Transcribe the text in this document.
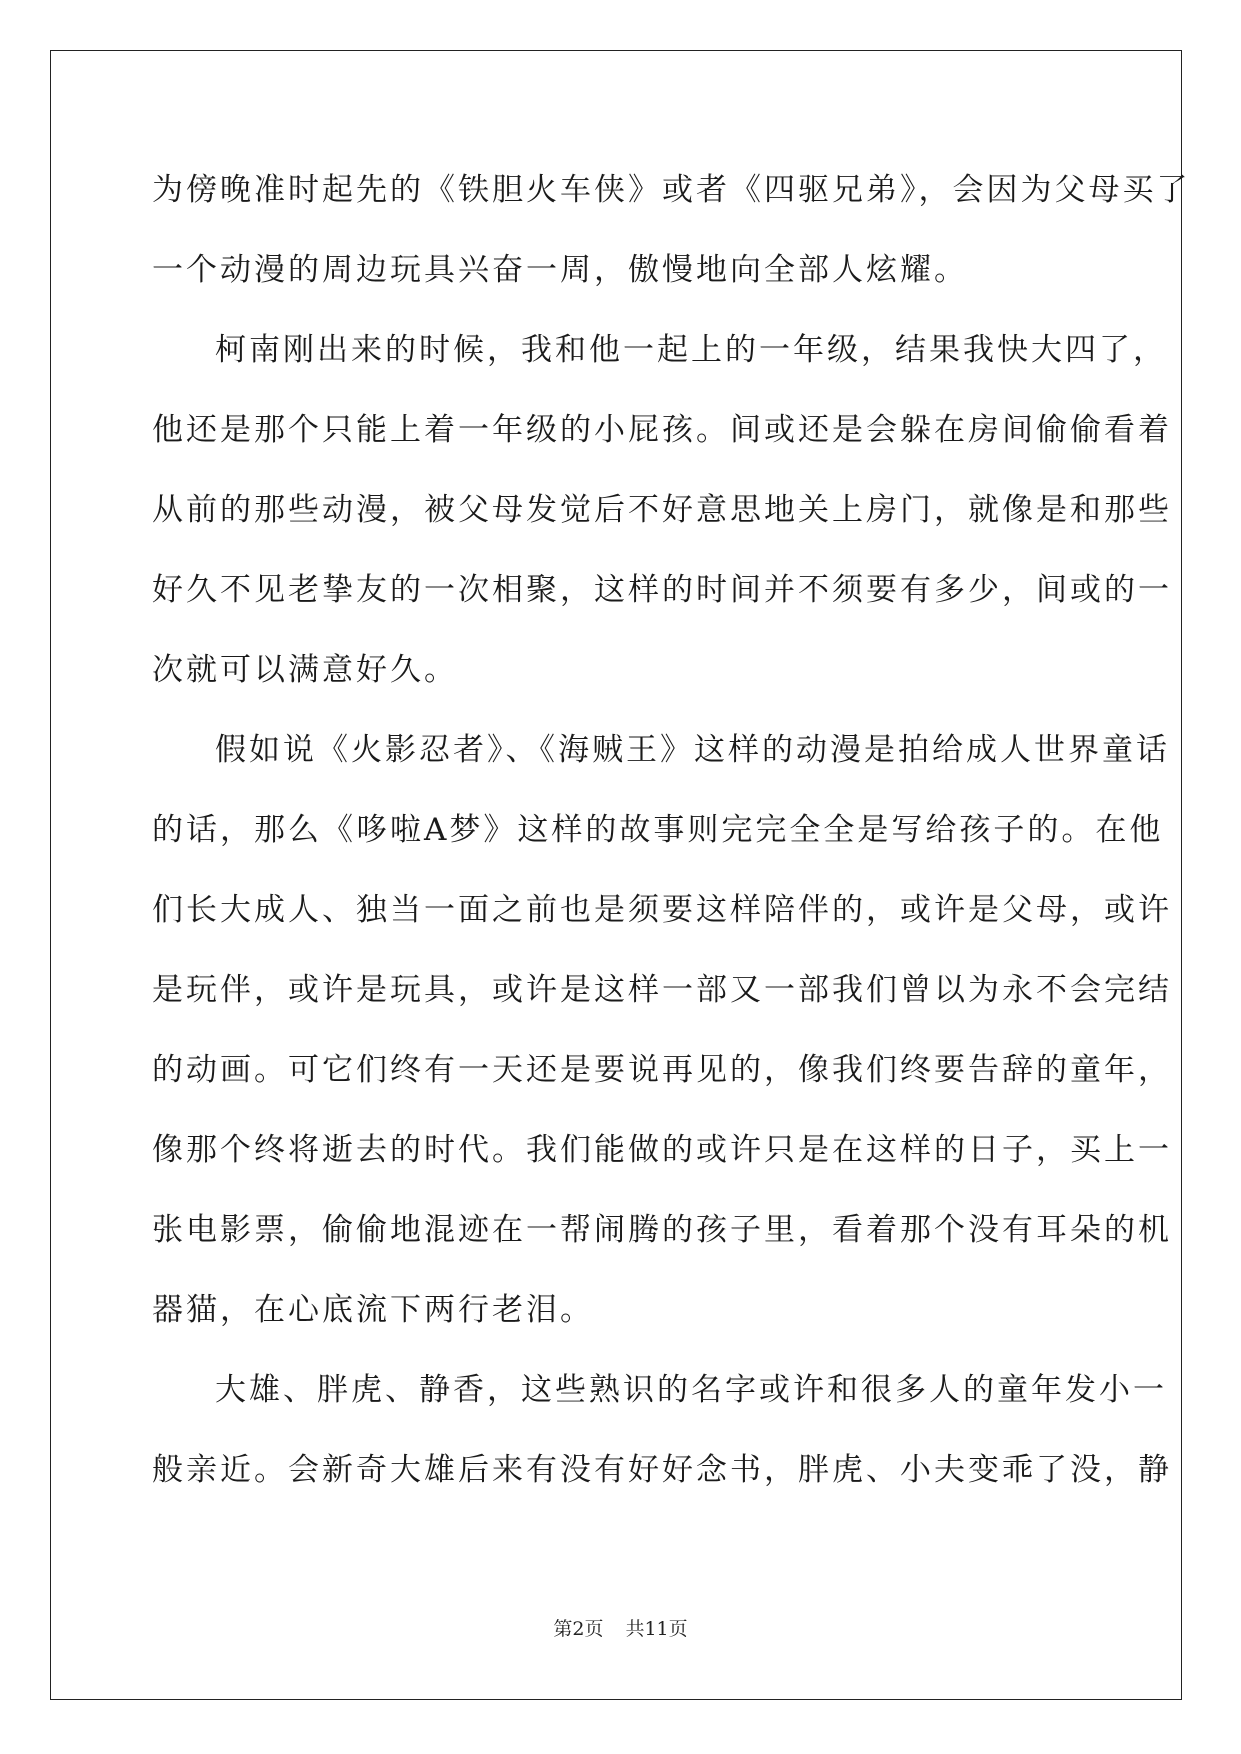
为傍晚准时起先的《铁胆火车侠》或者《四驱兄弟》，会因为父母买了

一个动漫的周边玩具兴奋一周，傲慢地向全部人炫耀。

柯南刚出来的时候，我和他一起上的一年级，结果我快大四了，

他还是那个只能上着一年级的小屁孩。间或还是会躲在房间偷偷看着

从前的那些动漫，被父母发觉后不好意思地关上房门，就像是和那些

好久不见老挚友的一次相聚，这样的时间并不须要有多少，间或的一

次就可以满意好久。

假如说《火影忍者》、《海贼王》这样的动漫是拍给成人世界童话

的话，那么《哆啦A梦》这样的故事则完完全全是写给孩子的。在他

们长大成人、独当一面之前也是须要这样陪伴的，或许是父母，或许

是玩伴，或许是玩具，或许是这样一部又一部我们曾以为永不会完结

的动画。可它们终有一天还是要说再见的，像我们终要告辞的童年，

像那个终将逝去的时代。我们能做的或许只是在这样的日子，买上一

张电影票，偷偷地混迹在一帮闹腾的孩子里，看着那个没有耳朵的机

器猫，在心底流下两行老泪。

大雄、胖虎、静香，这些熟识的名字或许和很多人的童年发小一

般亲近。会新奇大雄后来有没有好好念书，胖虎、小夫变乖了没，静

第2页 共11页
